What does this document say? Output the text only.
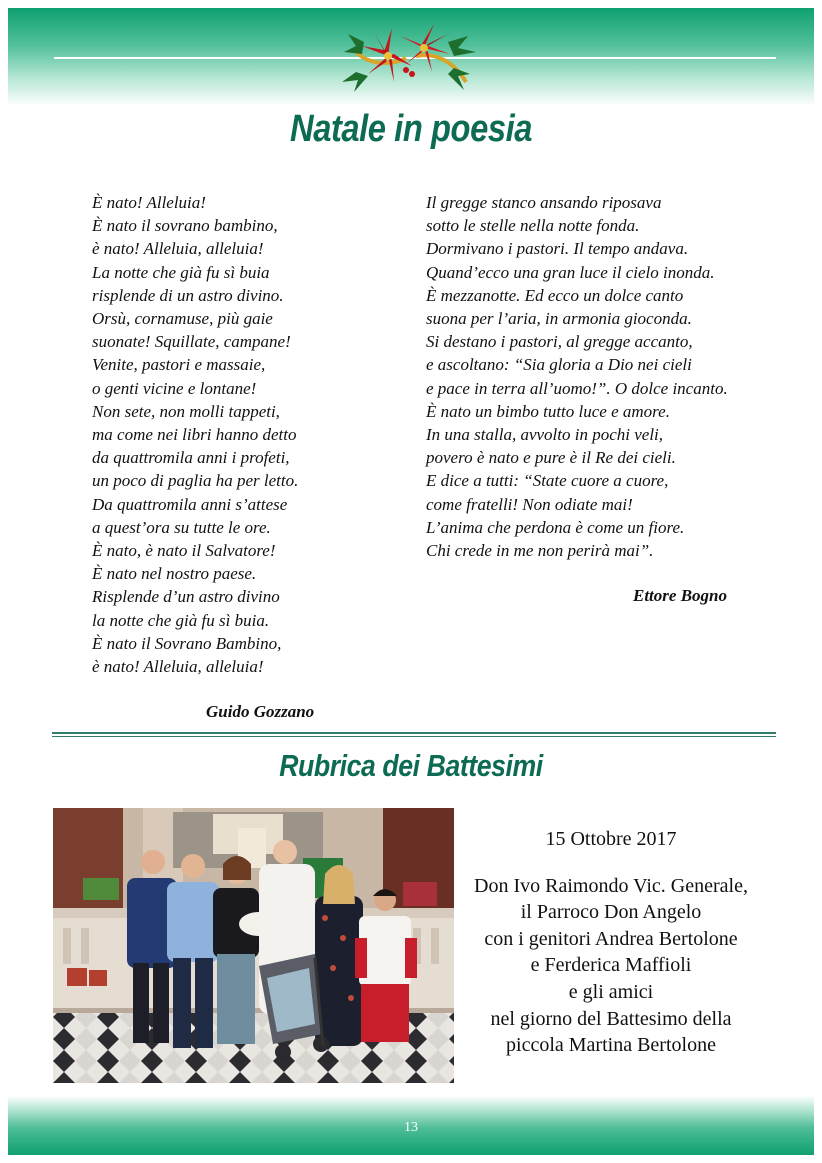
Natale in poesia
È nato! Alleluia!
È nato il sovrano bambino,
è nato! Alleluia, alleluia!
La notte che già fu sì buia
risplende di un astro divino.
Orsù, cornamuse, più gaie
suonate! Squillate, campane!
Venite, pastori e massaie,
o genti vicine e lontane!
Non sete, non molli tappeti,
ma come nei libri hanno detto
da quattromila anni i profeti,
un poco di paglia ha per letto.
Da quattromila anni s’attese
a quest’ora su tutte le ore.
È nato, è nato il Salvatore!
È nato nel nostro paese.
Risplende d’un astro divino
la notte che già fu sì buia.
È nato il Sovrano Bambino,
è nato! Alleluia, alleluia!
Guido Gozzano
Il gregge stanco ansando riposava
sotto le stelle nella notte fonda.
Dormivano i pastori. Il tempo andava.
Quand’ecco una gran luce il cielo inonda.
È mezzanotte. Ed ecco un dolce canto
suona per l’aria, in armonia gioconda.
Si destano i pastori, al gregge accanto,
e ascoltano: “Sia gloria a Dio nei cieli
e pace in terra all’uomo!”. O dolce incanto.
È nato un bimbo tutto luce e amore.
In una stalla, avvolto in pochi veli,
povero è nato e pure è il Re dei cieli.
E dice a tutti: “State cuore a cuore,
come fratelli! Non odiate mai!
L’anima che perdona è come un fiore.
Chi crede in me non perirà mai”.
Ettore Bogno
Rubrica dei Battesimi
15 Ottobre 2017
Don Ivo Raimondo Vic. Generale,
il Parroco Don Angelo
con i genitori Andrea Bertolone
e Ferderica Maffioli
e gli amici
nel giorno del Battesimo della
piccola Martina Bertolone
13
